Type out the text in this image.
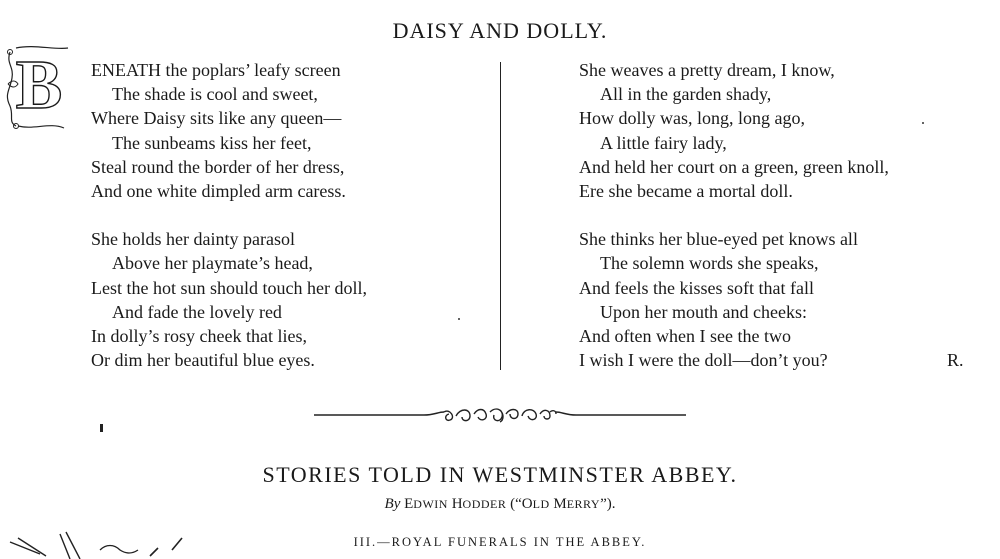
DAISY AND DOLLY.
B	ENEATH the poplars’ leafy screen
The shade is cool and sweet,
Where Daisy sits like any queen—
The sunbeams kiss her feet,
Steal round the border of her dress,
And one white dimpled arm caress.
She holds her dainty parasol
Above her playmate’s head,
Lest the hot sun should touch her doll,
And fade the lovely red
In dolly’s rosy cheek that lies,
Or dim her beautiful blue eyes.
She weaves a pretty dream, I know,
All in the garden shady,
How dolly was, long, long ago,
A little fairy lady,
And held her court on a green, green knoll,
Ere she became a mortal doll.
She thinks her blue-eyed pet knows all
The solemn words she speaks,
And feels the kisses soft that fall
Upon her mouth and cheeks:
And often when I see the two
I wish I were the doll—don’t you?	R.
STORIES TOLD IN WESTMINSTER ABBEY.
By EDWIN HODDER (“OLD MERRY”).
III.—ROYAL FUNERALS IN THE ABBEY.
